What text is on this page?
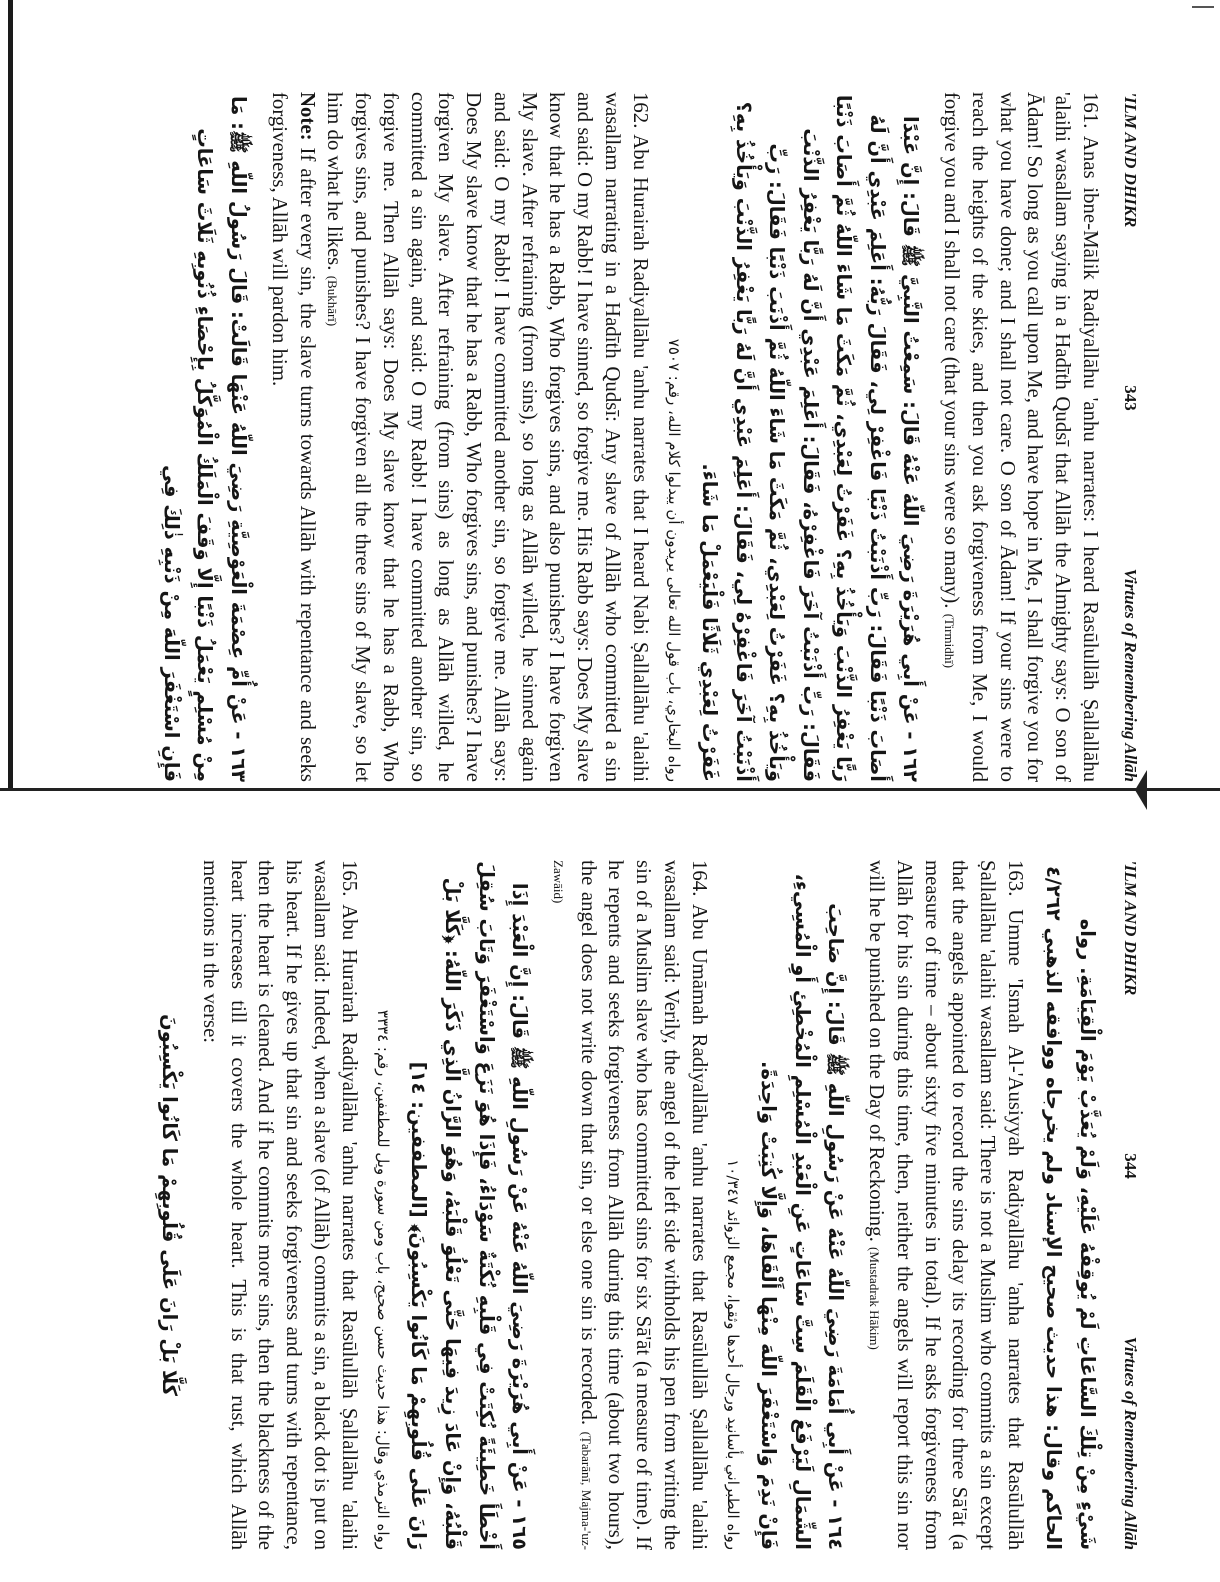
'ILM AND DHIKR
343
Virtues of Remembering Allāh

161. Anas ibne-Mālik Radiyallāhu 'anhu narrates: I heard Rasūlullāh Ṣallallāhu 'alaihi wasallam saying in a Hadīth Qudsī that Allāh the Almighty says: O son of Ādam! So long as you call upon Me, and have hope in Me, I shall forgive you for what you have done; and I shall not care. O son of Ādam! If your sins were to reach the heights of the skies, and then you ask forgiveness from Me, I would forgive you and I shall not care (that your sins were so many). (Tirmidhī)

١٦٢ - عَنْ أَبِي هُرَيْرَةَ رَضِيَ اللّهُ عَنْهُ قَالَ: سَمِعْتُ النَّبِيَّ ﷺ قَالَ: إِنَّ عَبْدًا أَصَابَ ذَنْبًا فَقَالَ: رَبِّ أَذْنَبْتُ ذَنْبًا فَاغْفِرْ لِي، فَقَالَ رَبُّهُ: أَعَلِمَ عَبْدِي أَنَّ لَهُ رَبًّا يَغْفِرُ الذَّنْبَ وَيَأْخُذُ بِهِ؟ غَفَرْتُ لِعَبْدِي، ثُمَّ مَكَثَ مَا شَاءَ اللّهُ ثُمَّ أَصَابَ ذَنْبًا فَقَالَ: رَبِّ أَذْنَبْتُ آخَرَ فَاغْفِرْهُ، فَقَالَ: أَعَلِمَ عَبْدِي أَنَّ لَهُ رَبًّا يَغْفِرُ الذَّنْبَ وَيَأْخُذُ بِهِ؟ غَفَرْتُ لِعَبْدِي، ثُمَّ مَكَثَ مَا شَاءَ اللّهُ ثُمَّ أَذْنَبَ ذَنْبًا فَقَالَ: رَبِّ أَذْنَبْتُ آخَرَ فَاغْفِرْهُ لِي، فَقَالَ: أَعَلِمَ عَبْدِي أَنَّ لَهُ رَبًّا يَغْفِرُ الذَّنْبَ وَيَأْخُذُ بِهِ؟ غَفَرْتُ لِعَبْدِي ثَلَاثًا فَلْيَعْمَلْ مَا شَاءَ.

رواه البخاري، باب قول الله تعالى يريدون أن يبدلوا كلام الله، رقم: ٧٥٠٧

162. Abu Hurairah Radiyallāhu 'anhu narrates that I heard Nabi Ṣallallāhu 'alaihi wasallam narrating in a Hadīth Qudsī: Any slave of Allāh who committed a sin and said: O my Rabb! I have sinned, so forgive me. His Rabb says: Does My slave know that he has a Rabb, Who forgives sins, and also punishes? I have forgiven My slave. After refraining (from sins), so long as Allāh willed, he sinned again and said: O my Rabb! I have committed another sin, so forgive me. Allāh says: Does My slave know that he has a Rabb, Who forgives sins, and punishes? I have forgiven My slave. After refraining (from sins) as long as Allāh willed, he committed a sin again, and said: O my Rabb! I have committed another sin, so forgive me. Then Allāh says: Does My slave know that he has a Rabb, Who forgives sins, and punishes? I have forgiven all the three sins of My slave, so let him do what he likes. (Bukhārī)
Note: If after every sin, the slave turns towards Allāh with repentance and seeks forgiveness, Allāh will pardon him.

١٦٣ - عَنْ أُمِّ عِصْمَةَ الْعَوْصِيَّةِ رَضِيَ اللّهُ عَنْهَا قَالَتْ: قَالَ رَسُولُ اللّهِ ﷺ: مَا مِنْ مُسْلِمٍ يَعْمَلُ ذَنْبًا إِلَّا وَقَفَ الْمَلَكُ الْمُوَكَّلُ بِإِحْصَاءِ ذُنُوبِهِ ثَلَاثَ سَاعَاتٍ فَإِنِ اسْتَغْفَرَ اللّهَ مِنْ ذَنْبِهِ ذٰلِكَ فِي

'ILM AND DHIKR
344
Virtues of Remembering Allāh

شَيْءٍ مِنْ تِلْكَ السَّاعَاتِ لَمْ يُوقِفْهُ عَلَيْهِ، وَلَمْ يُعَذَّبْ يَوْمَ الْقِيَامَةِ. رواه الحاكم وقال: هذا حديث صحيح الإسناد ولم يخرجاه ووافقه الذهبي ٤/٢٦٢

163. Umme 'Ismah Al-'Ausiyyah Radiyallāhu 'anha narrates that Rasūlullāh Ṣallallāhu 'alaihi wasallam said: There is not a Muslim who commits a sin except that the angels appointed to record the sins delay its recording for three Sā'āt (a measure of time – about sixty five minutes in total). If he asks forgiveness from Allāh for his sin during this time, then, neither the angels will report this sin nor will he be punished on the Day of Reckoning. (Mustadrak Hākim)

١٦٤ - عَنْ أَبِي أُمَامَةَ رَضِيَ اللّهُ عَنْهُ عَنْ رَسُولِ اللّهِ ﷺ قَالَ: إِنَّ صَاحِبَ الشِّمَالِ لَيَرْفَعُ الْقَلَمَ سِتَّ سَاعَاتٍ عَنِ الْعَبْدِ الْمُسْلِمِ الْمُخْطِئِ أَوِ الْمُسِيءِ، فَإِنْ نَدِمَ وَاسْتَغْفَرَ اللّهَ مِنْهَا أَلْقَاهَا، وَإِلَّا كُتِبَتْ وَاحِدَةً.

رواه الطبراني بأسانيد ورجال أحدها وثقوا، مجمع الزوائد ١٠/٣٤٧

164. Abu Umāmah Radiyallāhu 'anhu narrates that Rasūlullāh Ṣallallāhu 'alaihi wasallam said: Verily, the angel of the left side withholds his pen from writing the sin of a Muslim slave who has committed sins for six Sā'āt (a measure of time). If he repents and seeks forgiveness from Allāh during this time (about two hours), the angel does not write down that sin, or else one sin is recorded. (Ṭabarānī, Majma-'uz-Zawāid)

١٦٥ - عَنْ أَبِي هُرَيْرَةَ رَضِيَ اللّهُ عَنْهُ عَنْ رَسُولِ اللّهِ ﷺ قَالَ: إِنَّ الْعَبْدَ إِذَا أَخْطَأَ خَطِيئَةً نُكِتَتْ فِي قَلْبِهِ نُكْتَةٌ سَوْدَاءُ، فَإِذَا هُوَ نَزَعَ وَاسْتَغْفَرَ وَتَابَ سُقِلَ قَلْبُهُ، وَإِنْ عَادَ زِيدَ فِيهَا حَتَّى تَعْلُوَ قَلْبَهُ، وَهُوَ الرَّانُ الَّذِي ذَكَرَ اللّهُ: ﴿كَلَّا بَلْ رَانَ عَلَى قُلُوبِهِمْ مَا كَانُوا يَكْسِبُونَ﴾ [المطففين: ١٤]

رواه الترمذي وقال: هذا حديث حسن صحيح، باب ومن سورة ويل للمطففين، رقم: ٣٣٣٤

165. Abu Hurairah Radiyallāhu 'anhu narrates that Rasūlullāh Ṣallallāhu 'alaihi wasallam said: Indeed, when a slave (of Allāh) commits a sin, a black dot is put on his heart. If he gives up that sin and seeks forgiveness and turns with repentance, then the heart is cleaned. And if he commits more sins, then the blackness of the heart increases till it covers the whole heart. This is that rust, which Allāh mentions in the verse:

كَلَّا بَلْ رَانَ عَلَى قُلُوبِهِمْ مَا كَانُوا يَكْسِبُونَ
